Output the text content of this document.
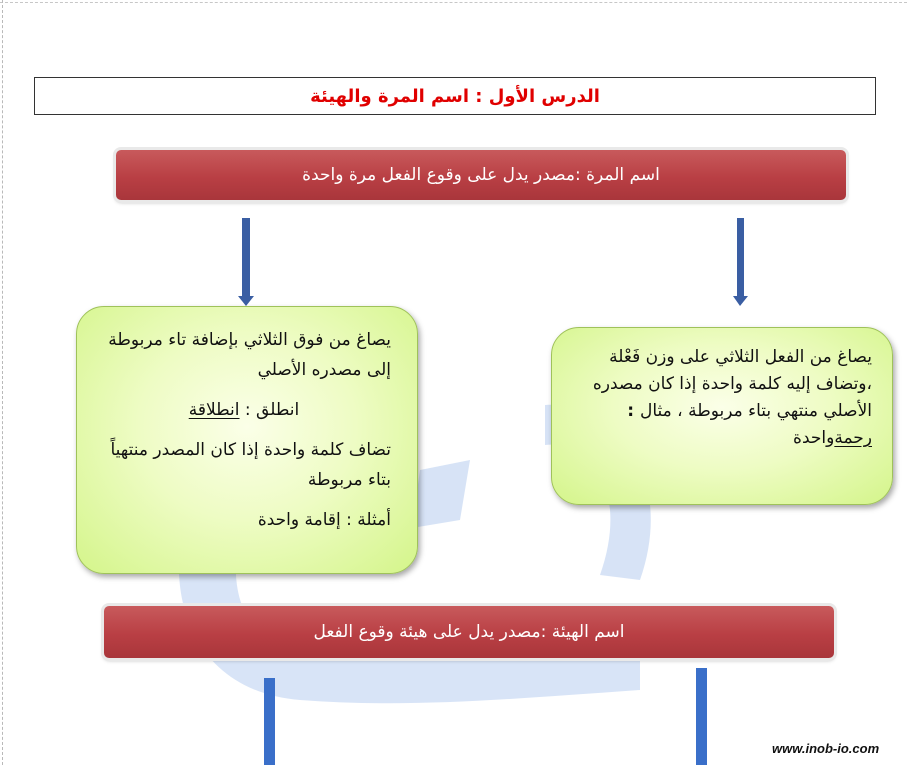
الدرس الأول : اسم المرة والهيئة
اسم المرة :مصدر يدل على وقوع الفعل مرة واحدة
يصاغ من الفعل الثلاثي على وزن فَعْلة ،وتضاف إليه كلمة واحدة إذا كان مصدره الأصلي منتهي بتاء مربوطة ، مثال : رحمةواحدة

يصاغ من فوق الثلاثي بإضافة تاء مربوطة إلى مصدره الأصلي

انطلق : انطلاقة

تضاف كلمة واحدة إذا كان المصدر منتهياً بتاء مربوطة

أمثلة : إقامة واحدة

اسم الهيئة :مصدر يدل على هيئة وقوع الفعل
www.inob-io.com
